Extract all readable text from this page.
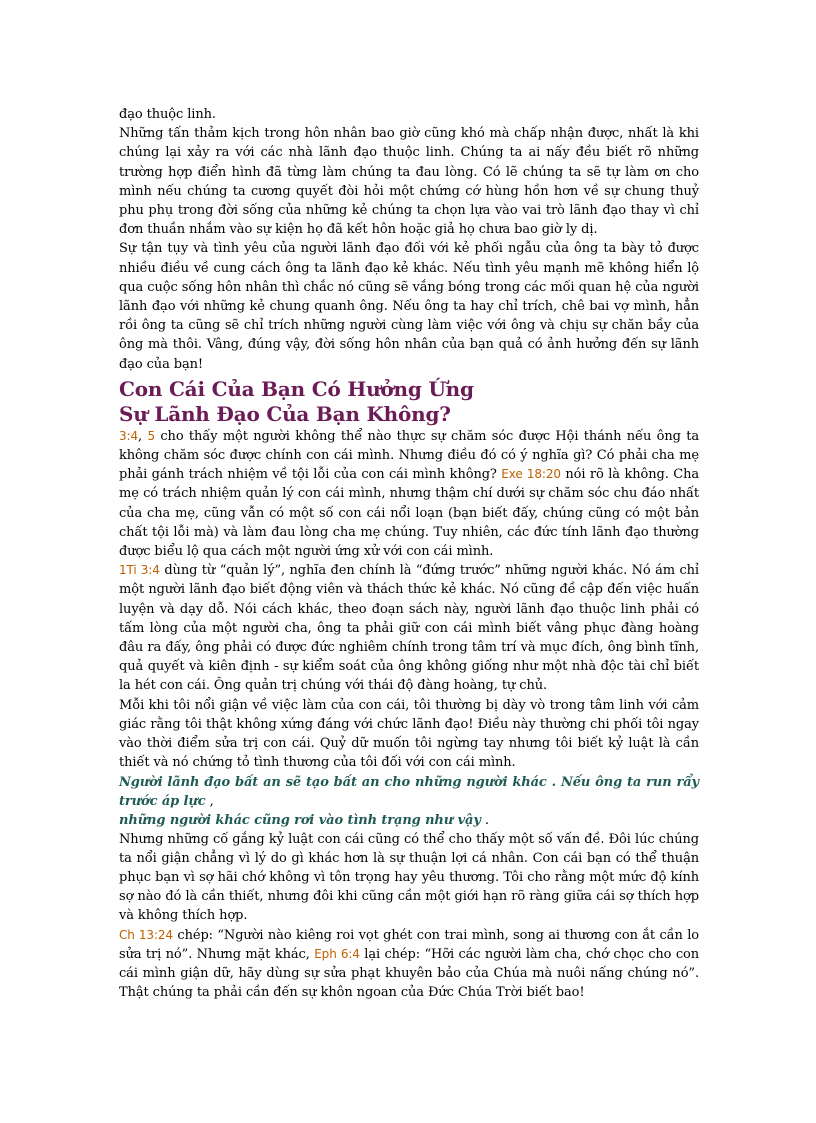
đạo thuộc linh.

Những tấn thảm kịch trong hôn nhân bao giờ cũng khó mà chấp nhận được, nhất là khi chúng lại xảy ra với các nhà lãnh đạo thuộc linh. Chúng ta ai nấy đều biết rõ những trường hợp điển hình đã từng làm chúng ta đau lòng. Có lẽ chúng ta sẽ tự làm ơn cho mình nếu chúng ta cương quyết đòi hỏi một chứng cớ hùng hồn hơn về sự chung thuỷ phu phụ trong đời sống của những kẻ chúng ta chọn lựa vào vai trò lãnh đạo thay vì chỉ đơn thuần nhắm vào sự kiện họ đã kết hôn hoặc giả họ chưa bao giờ ly dị.

Sự tận tụy và tình yêu của người lãnh đạo đối với kẻ phối ngẫu của ông ta bày tỏ được nhiều điều về cung cách ông ta lãnh đạo kẻ khác. Nếu tình yêu mạnh mẽ không hiển lộ qua cuộc sống hôn nhân thì chắc nó cũng sẽ vắng bóng trong các mối quan hệ của người lãnh đạo với những kẻ chung quanh ông. Nếu ông ta hay chỉ trích, chê bai vợ mình, hẳn rồi ông ta cũng sẽ chỉ trích những người cùng làm việc với ông và chịu sự chăn bầy của ông mà thôi. Vâng, đúng vậy, đời sống hôn nhân của bạn quả có ảnh hưởng đến sự lãnh đạo của bạn!

Con Cái Của Bạn Có Hưởng Ứng
Sự Lãnh Đạo Của Bạn Không?

3:4, 5 cho thấy một người không thể nào thực sự chăm sóc được Hội thánh nếu ông ta không chăm sóc được chính con cái mình. Nhưng điều đó có ý nghĩa gì? Có phải cha mẹ phải gánh trách nhiệm về tội lỗi của con cái mình không? Exe 18:20 nói rõ là không. Cha mẹ có trách nhiệm quản lý con cái mình, nhưng thậm chí dưới sự chăm sóc chu đáo nhất của cha mẹ, cũng vẫn có một số con cái nổi loạn (bạn biết đấy, chúng cũng có một bản chất tội lỗi mà) và làm đau lòng cha mẹ chúng. Tuy nhiên, các đức tính lãnh đạo thường được biểu lộ qua cách một người ứng xử với con cái mình.

1Ti 3:4 dùng từ “quản lý”, nghĩa đen chính là “đứng trước” những người khác. Nó ám chỉ một người lãnh đạo biết động viên và thách thức kẻ khác. Nó cũng đề cập đến việc huấn luyện và dạy dỗ. Nói cách khác, theo đoạn sách này, người lãnh đạo thuộc linh phải có tấm lòng của một người cha, ông ta phải giữ con cái mình biết vâng phục đàng hoàng đâu ra đấy, ông phải có được đức nghiêm chính trong tâm trí và mục đích, ông bình tĩnh, quả quyết và kiên định - sự kiểm soát của ông không giống như một nhà độc tài chỉ biết la hét con cái. Ông quản trị chúng với thái độ đàng hoàng, tự chủ.

Mỗi khi tôi nổi giận về việc làm của con cái, tôi thường bị dày vò trong tâm linh với cảm giác rằng tôi thật không xứng đáng với chức lãnh đạo! Điều này thường chi phối tôi ngay vào thời điểm sửa trị con cái. Quỷ dữ muốn tôi ngừng tay nhưng tôi biết kỷ luật là cần thiết và nó chứng tỏ tình thương của tôi đối với con cái mình.

Người lãnh đạo bất an sẽ tạo bất an cho những người khác . Nếu ông ta run rẩy trước áp lực ,
những người khác cũng rơi vào tình trạng như vậy .

Nhưng những cố gắng kỷ luật con cái cũng có thể cho thấy một số vấn đề. Đôi lúc chúng ta nổi giận chẳng vì lý do gì khác hơn là sự thuận lợi cá nhân. Con cái bạn có thể thuận phục bạn vì sợ hãi chớ không vì tôn trọng hay yêu thương. Tôi cho rằng một mức độ kính sợ nào đó là cần thiết, nhưng đôi khi cũng cần một giới hạn rõ ràng giữa cái sợ thích hợp và không thích hợp.

Ch 13:24 chép: “Người nào kiêng roi vọt ghét con trai mình, song ai thương con ắt cần lo sửa trị nó”. Nhưng mặt khác, Eph 6:4 lại chép: “Hỡi các người làm cha, chớ chọc cho con cái mình giận dữ, hãy dùng sự sửa phạt khuyên bảo của Chúa mà nuôi nấng chúng nó”. Thật chúng ta phải cần đến sự khôn ngoan của Đức Chúa Trời biết bao!
